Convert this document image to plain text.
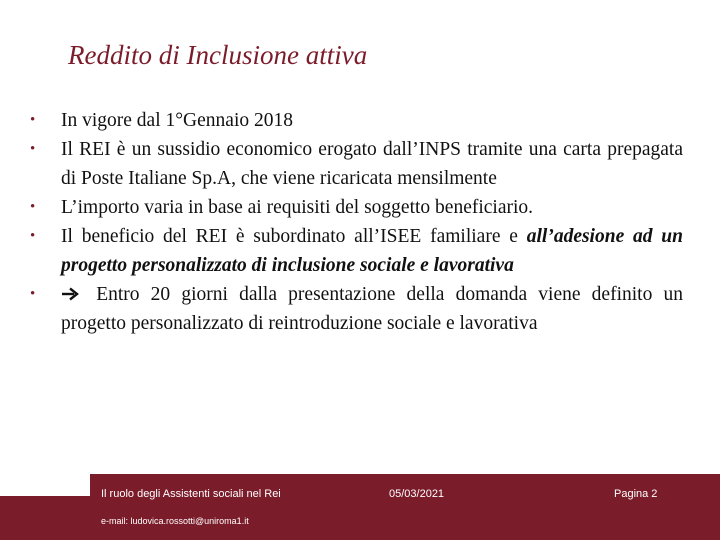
Reddito di Inclusione attiva
• In vigore dal 1°Gennaio 2018
• Il REI è un sussidio economico erogato dall’INPS tramite una carta prepagata di Poste Italiane Sp.A, che viene ricaricata mensilmente
• L’importo varia in base ai requisiti del soggetto beneficiario.
• Il beneficio del REI è subordinato all’ISEE familiare e all’adesione ad un progetto personalizzato di inclusione sociale e lavorativa
•	Entro 20 giorni dalla presentazione della domanda viene definito un progetto personalizzato di reintroduzione sociale e lavorativa
Il ruolo degli Assistenti sociali nel Rei
e-mail: ludovica.rossotti@uniroma1.it
05/03/2021	Pagina 2
